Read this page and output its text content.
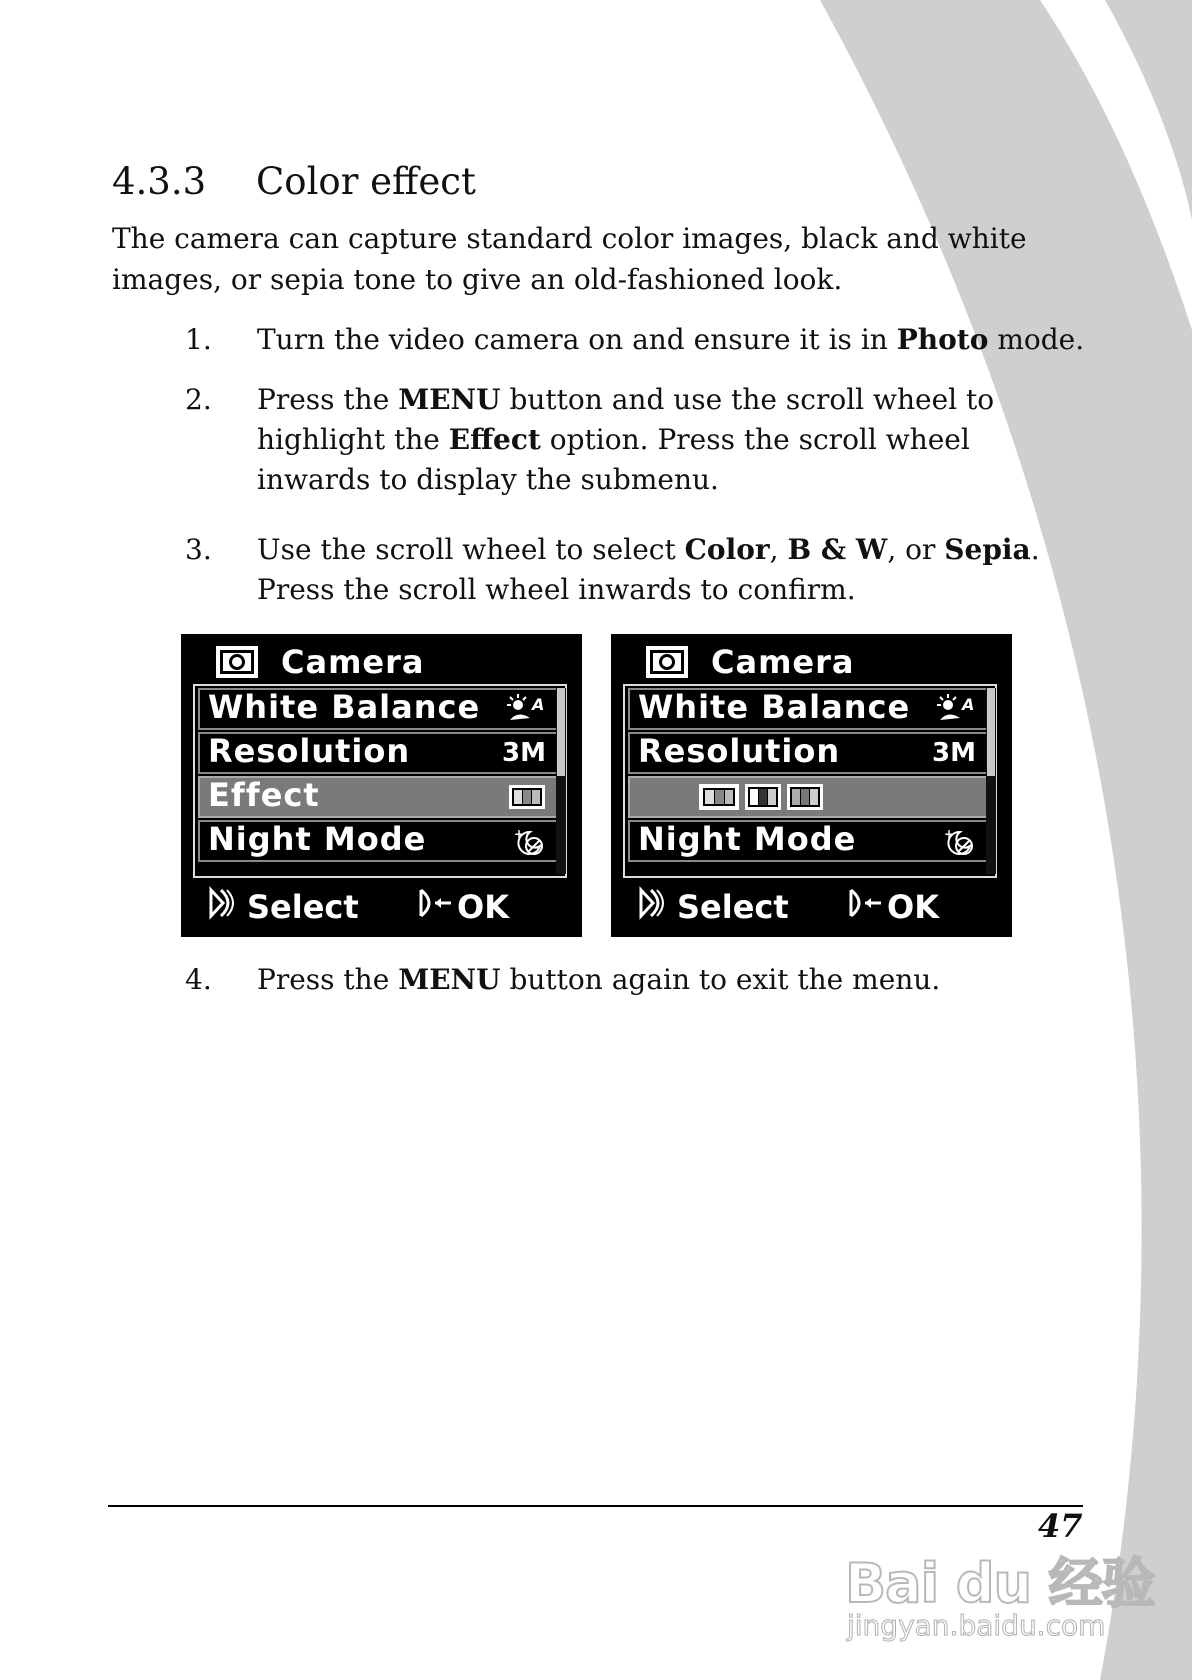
4.3.3 Color effect
The camera can capture standard color images, black and white images, or sepia tone to give an old-fashioned look.
1. Turn the video camera on and ensure it is in Photo mode.
2. Press the MENU button and use the scroll wheel to
highlight the Effect option. Press the scroll wheel
inwards to display the submenu.
3. Use the scroll wheel to select Color, B & W, or Sepia.
Press the scroll wheel inwards to confirm.
Camera
White Balance	A
Resolution	3M
Effect
Night Mode	+
Select	OK
Camera
White Balance	A
Resolution	3M
Night Mode	+
Select	OK
4. Press the MENU button again to exit the menu.
47
Bai du 经验
jingyan.baidu.com
